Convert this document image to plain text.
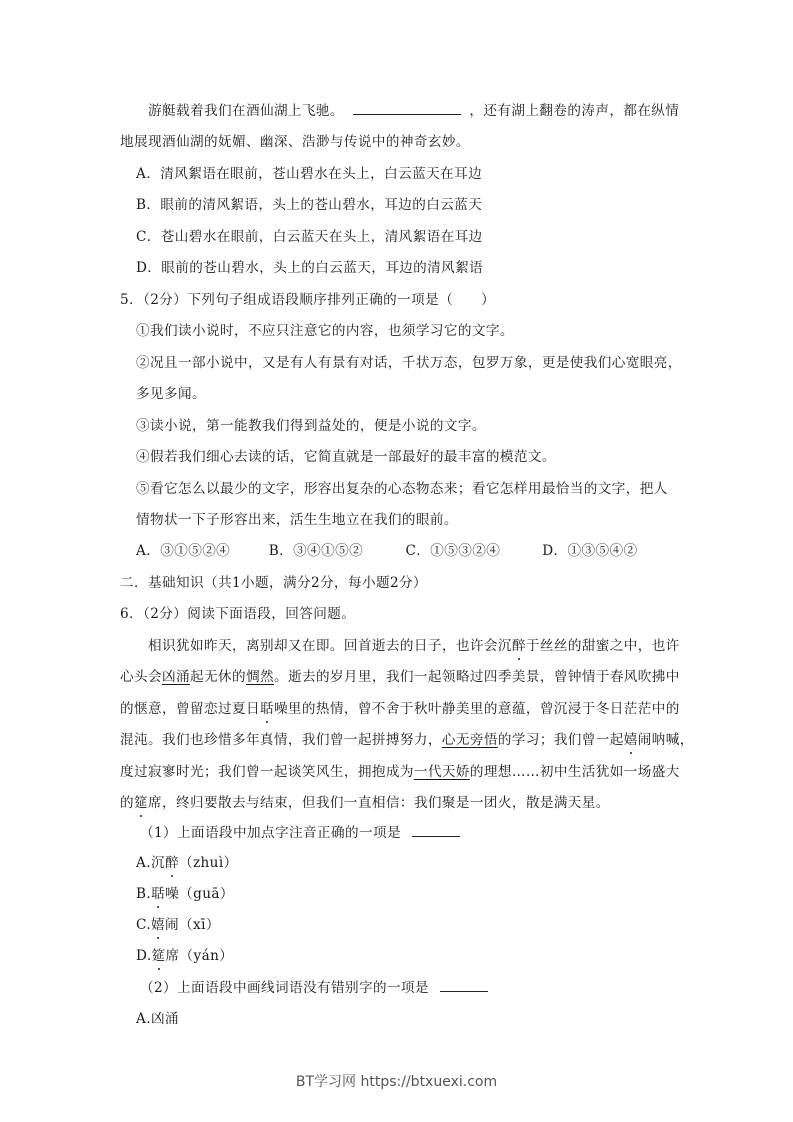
游艇载着我们在酒仙湖上飞驰。	，还有湖上翻卷的涛声，都在纵情
地展现酒仙湖的妩媚、幽深、浩渺与传说中的神奇玄妙。
A．清风絮语在眼前，苍山碧水在头上，白云蓝天在耳边
B．眼前的清风絮语，头上的苍山碧水，耳边的白云蓝天
C．苍山碧水在眼前，白云蓝天在头上，清风絮语在耳边
D．眼前的苍山碧水，头上的白云蓝天，耳边的清风絮语
5．（2分）下列句子组成语段顺序排列正确的一项是（　　）
①我们读小说时，不应只注意它的内容，也须学习它的文字。
②况且一部小说中，又是有人有景有对话，千状万态，包罗万象，更是使我们心宽眼亮，
多见多闻。
③读小说，第一能教我们得到益处的，便是小说的文字。
④假若我们细心去读的话，它简直就是一部最好的最丰富的模范文。
⑤看它怎么以最少的文字，形容出复杂的心态物态来；看它怎样用最恰当的文字，把人
情物状一下子形容出来，活生生地立在我们的眼前。
A．③①⑤②④	B．③④①⑤②	C．①⑤③②④	D．①③⑤④②
二．基础知识（共1小题，满分2分，每小题2分）
6．（2分）阅读下面语段，回答问题。
相识犹如昨天，离别却又在即。回首逝去的日子，也许会沉醉于丝丝的甜蜜之中，也许
心头会凶涌起无休的惆然。逝去的岁月里，我们一起领略过四季美景，曾钟情于春风吹拂中
的惬意，曾留恋过夏日聒噪里的热情，曾不舍于秋叶静美里的意蕴，曾沉浸于冬日茫茫中的
混沌。我们也珍惜多年真情，我们曾一起拼搏努力，心无旁悟的学习；我们曾一起嬉闹呐喊，
度过寂寥时光；我们曾一起谈笑风生，拥抱成为一代天娇的理想……初中生活犹如一场盛大
的筵席，终归要散去与结束，但我们一直相信：我们聚是一团火，散是满天星。
（1）上面语段中加点字注音正确的一项是
A.沉醉（zhuì）
B.聒噪（guā）
C.嬉闹（xī）
D.筵席（yán）
（2）上面语段中画线词语没有错别字的一项是
A.凶涌
BT学习网 https://btxuexi.com
